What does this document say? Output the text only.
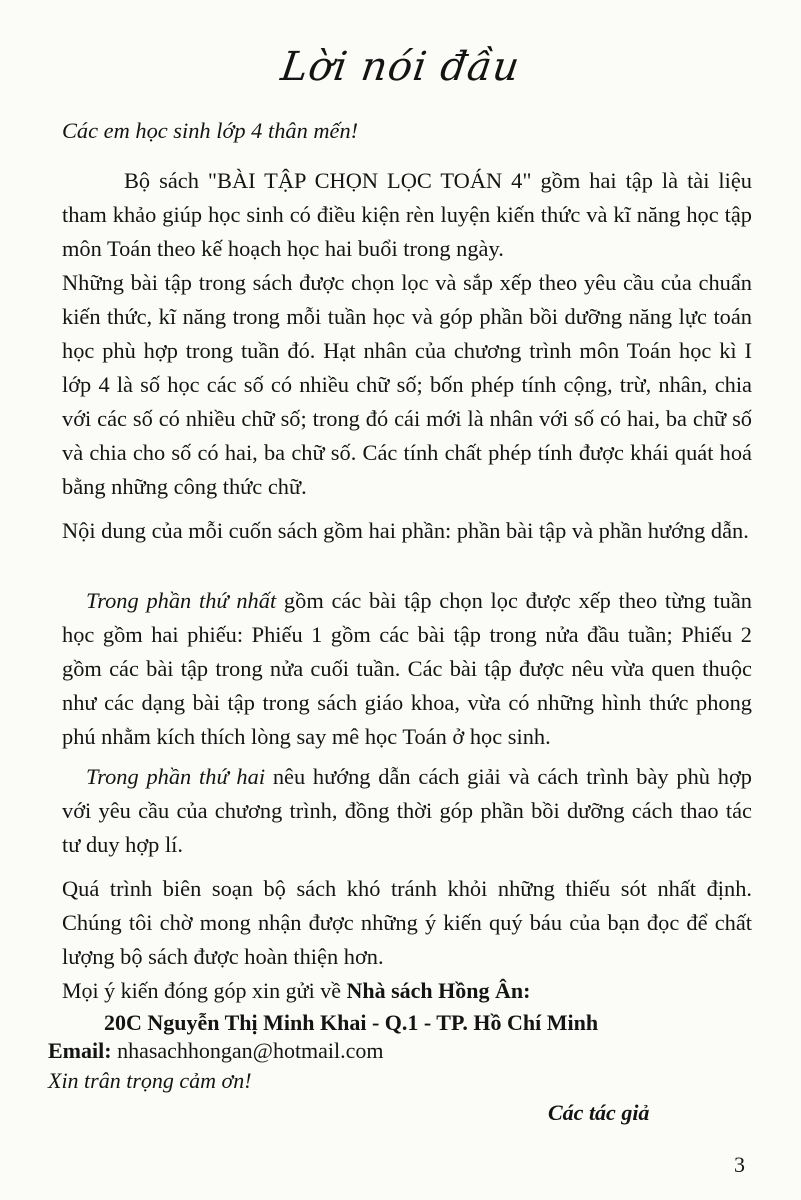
Lời nói đầu
Các em học sinh lớp 4 thân mến!

Bộ sách "BÀI TẬP CHỌN LỌC TOÁN 4" gồm hai tập là tài liệu tham khảo giúp học sinh có điều kiện rèn luyện kiến thức và kĩ năng học tập môn Toán theo kế hoạch học hai buổi trong ngày.

Những bài tập trong sách được chọn lọc và sắp xếp theo yêu cầu của chuẩn kiến thức, kĩ năng trong mỗi tuần học và góp phần bồi dưỡng năng lực toán học phù hợp trong tuần đó. Hạt nhân của chương trình môn Toán học kì I lớp 4 là số học các số có nhiều chữ số; bốn phép tính cộng, trừ, nhân, chia với các số có nhiều chữ số; trong đó cái mới là nhân với số có hai, ba chữ số và chia cho số có hai, ba chữ số. Các tính chất phép tính được khái quát hoá bằng những công thức chữ.

Nội dung của mỗi cuốn sách gồm hai phần: phần bài tập và phần hướng dẫn.

Trong phần thứ nhất gồm các bài tập chọn lọc được xếp theo từng tuần học gồm hai phiếu: Phiếu 1 gồm các bài tập trong nửa đầu tuần; Phiếu 2 gồm các bài tập trong nửa cuối tuần. Các bài tập được nêu vừa quen thuộc như các dạng bài tập trong sách giáo khoa, vừa có những hình thức phong phú nhằm kích thích lòng say mê học Toán ở học sinh.

Trong phần thứ hai nêu hướng dẫn cách giải và cách trình bày phù hợp với yêu cầu của chương trình, đồng thời góp phần bồi dưỡng cách thao tác tư duy hợp lí.

Quá trình biên soạn bộ sách khó tránh khỏi những thiếu sót nhất định. Chúng tôi chờ mong nhận được những ý kiến quý báu của bạn đọc để chất lượng bộ sách được hoàn thiện hơn.

Mọi ý kiến đóng góp xin gửi về Nhà sách Hồng Ân:
20C Nguyễn Thị Minh Khai - Q.1 - TP. Hồ Chí Minh
Email: nhasachhongan@hotmail.com
Xin trân trọng cảm ơn!
Các tác giả
3
